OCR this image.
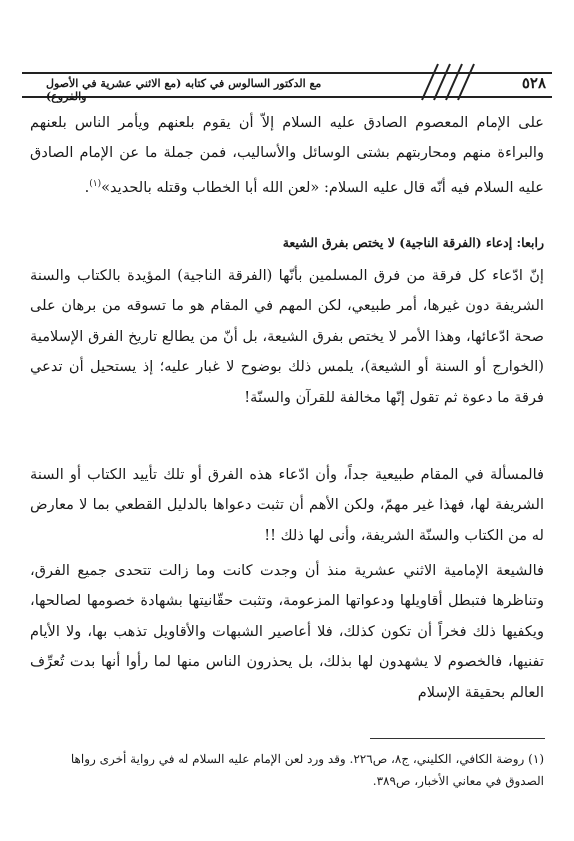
٥٢٨
مع الدكتور السالوس في كتابه (مع الاثني عشرية في الأصول والفروع)

على الإمام المعصوم الصادق عليه السلام إلاّ أن يقوم بلعنهم ويأمر الناس بلعنهم والبراءة منهم ومحاربتهم بشتى الوسائل والأساليب، فمن جملة ما عن الإمام الصادق عليه السلام فيه أنّه قال عليه السلام: «لعن الله أبا الخطاب وقتله بالحديد»$^{(١)}$.

رابعا: إدعاء (الفرقة الناجية) لا يختص بفرق الشيعة

إنّ ادّعاء كل فرقة من فرق المسلمين بأنّها (الفرقة الناجية) المؤيدة بالكتاب والسنة الشريفة دون غيرها، أمر طبيعي، لكن المهم في المقام هو ما تسوقه من برهان على صحة ادّعائها، وهذا الأمر لا يختص بفرق الشيعة، بل أنّ من يطالع تاريخ الفرق الإسلامية (الخوارج أو السنة أو الشيعة)، يلمس ذلك بوضوح لا غبار عليه؛ إذ يستحيل أن تدعي فرقة ما دعوة ثم تقول إنّها مخالفة للقرآن والسنّة!

فالمسألة في المقام طبيعية جداً، وأن ادّعاء هذه الفرق أو تلك تأييد الكتاب أو السنة الشريفة لها، فهذا غير مهمّ، ولكن الأهم أن تثبت دعواها بالدليل القطعي بما لا معارض له من الكتاب والسنّة الشريفة، وأنى لها ذلك !!

فالشيعة الإمامية الاثني عشرية منذ أن وجدت كانت وما زالت تتحدى جميع الفرق، وتناظرها فتبطل أقاويلها ودعواتها المزعومة، وتثبت حقّانيتها بشهادة خصومها لصالحها، ويكفيها ذلك فخراً أن تكون كذلك، فلا أعاصير الشبهات والأقاويل تذهب بها، ولا الأيام تفنيها، فالخصوم لا يشهدون لها بذلك، بل يحذرون الناس منها لما رأوا أنها بدت تُعرِّف العالم بحقيقة الإسلام

(١) روضة الكافي، الكليني، ج٨، ص٢٢٦. وقد ورد لعن الإمام عليه السلام له في رواية أخرى رواها الصدوق في معاني الأخبار، ص٣٨٩.
